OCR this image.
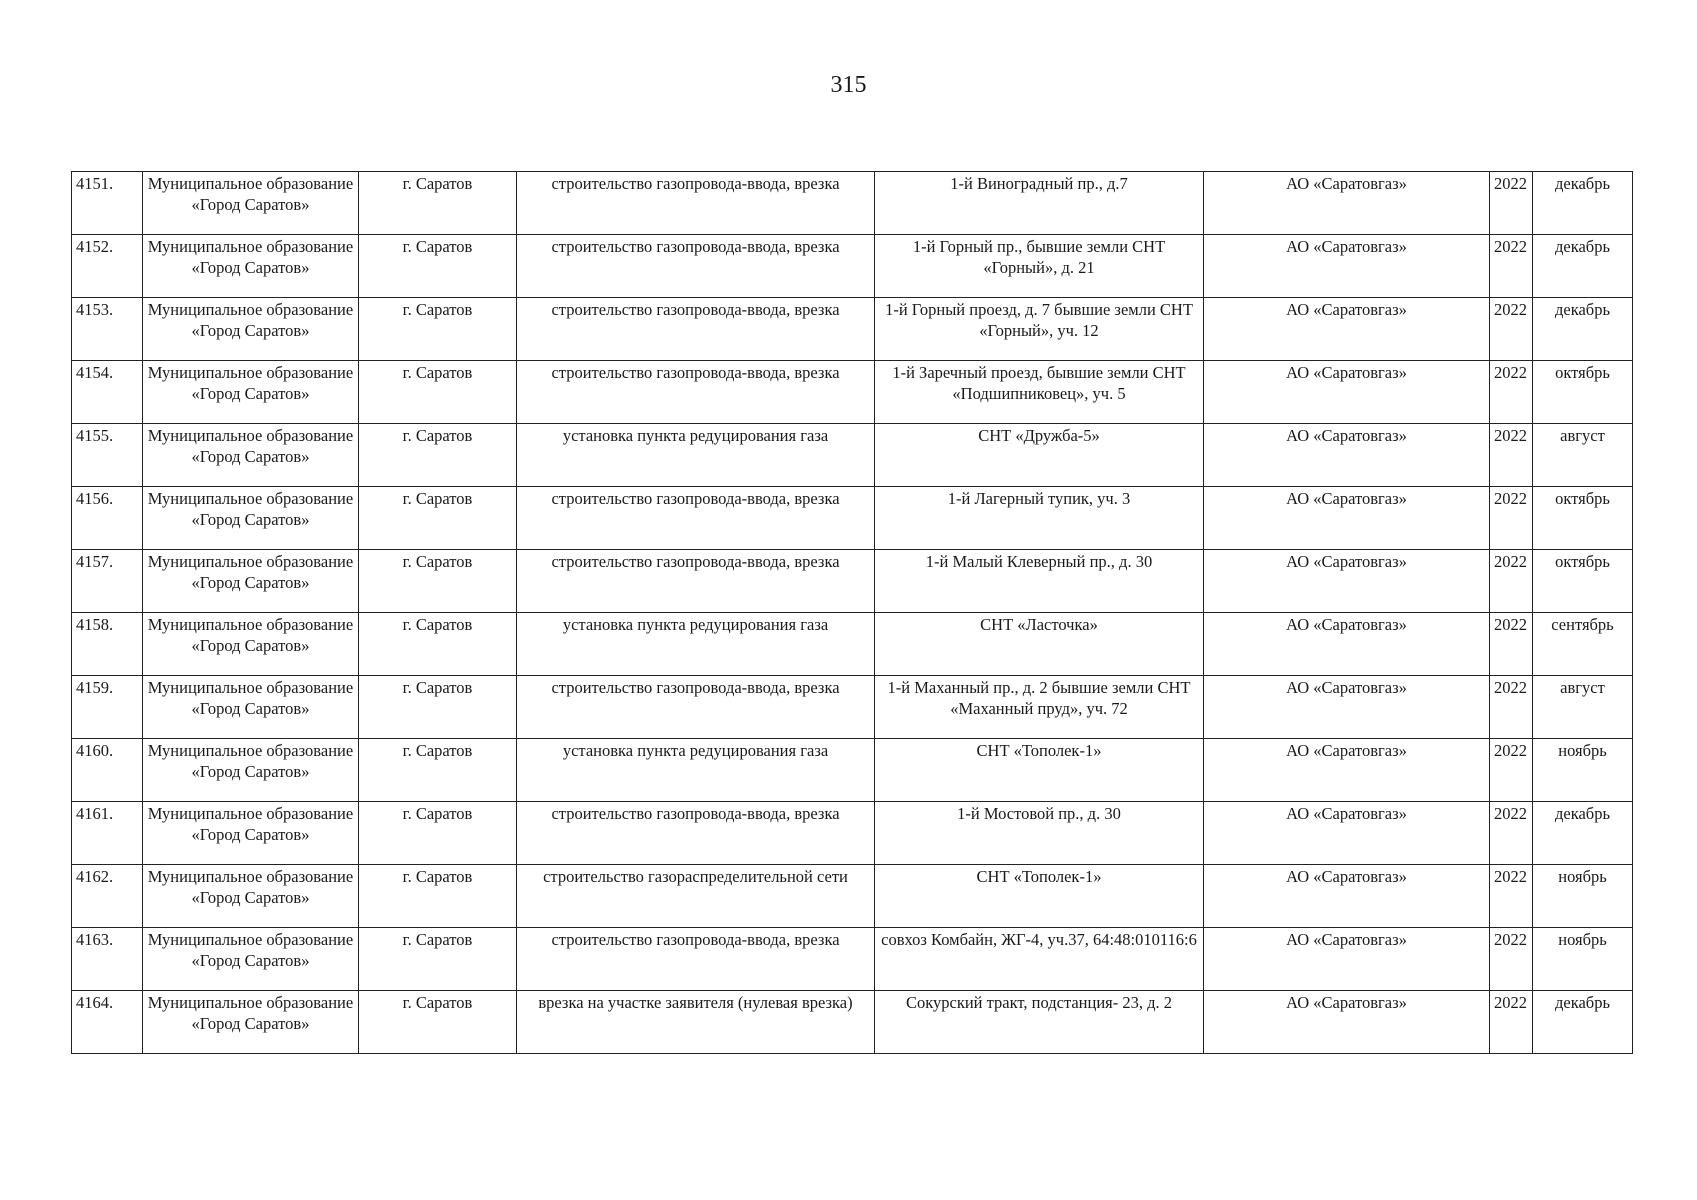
315
4151.	Муниципальное образование «Город Саратов»	г. Саратов	строительство газопровода-ввода, врезка	1-й Виноградный пр., д.7	АО «Саратовгаз»	2022	декабрь
4152.	Муниципальное образование «Город Саратов»	г. Саратов	строительство газопровода-ввода, врезка	1-й Горный пр., бывшие земли СНТ «Горный», д. 21	АО «Саратовгаз»	2022	декабрь
4153.	Муниципальное образование «Город Саратов»	г. Саратов	строительство газопровода-ввода, врезка	1-й Горный проезд, д. 7 бывшие земли СНТ «Горный», уч. 12	АО «Саратовгаз»	2022	декабрь
4154.	Муниципальное образование «Город Саратов»	г. Саратов	строительство газопровода-ввода, врезка	1-й Заречный проезд, бывшие земли СНТ «Подшипниковец», уч. 5	АО «Саратовгаз»	2022	октябрь
4155.	Муниципальное образование «Город Саратов»	г. Саратов	установка пункта редуцирования газа	СНТ «Дружба-5»	АО «Саратовгаз»	2022	август
4156.	Муниципальное образование «Город Саратов»	г. Саратов	строительство газопровода-ввода, врезка	1-й Лагерный тупик, уч. 3	АО «Саратовгаз»	2022	октябрь
4157.	Муниципальное образование «Город Саратов»	г. Саратов	строительство газопровода-ввода, врезка	1-й Малый Клеверный пр., д. 30	АО «Саратовгаз»	2022	октябрь
4158.	Муниципальное образование «Город Саратов»	г. Саратов	установка пункта редуцирования газа	СНТ «Ласточка»	АО «Саратовгаз»	2022	сентябрь
4159.	Муниципальное образование «Город Саратов»	г. Саратов	строительство газопровода-ввода, врезка	1-й Маханный пр., д. 2 бывшие земли СНТ «Маханный пруд», уч. 72	АО «Саратовгаз»	2022	август
4160.	Муниципальное образование «Город Саратов»	г. Саратов	установка пункта редуцирования газа	СНТ «Тополек-1»	АО «Саратовгаз»	2022	ноябрь
4161.	Муниципальное образование «Город Саратов»	г. Саратов	строительство газопровода-ввода, врезка	1-й Мостовой пр., д. 30	АО «Саратовгаз»	2022	декабрь
4162.	Муниципальное образование «Город Саратов»	г. Саратов	строительство газораспределительной сети	СНТ «Тополек-1»	АО «Саратовгаз»	2022	ноябрь
4163.	Муниципальное образование «Город Саратов»	г. Саратов	строительство газопровода-ввода, врезка	совхоз Комбайн, ЖГ-4, уч.37, 64:48:010116:6	АО «Саратовгаз»	2022	ноябрь
4164.	Муниципальное образование «Город Саратов»	г. Саратов	врезка на участке заявителя (нулевая врезка)	Сокурский тракт, подстанция- 23, д. 2	АО «Саратовгаз»	2022	декабрь
